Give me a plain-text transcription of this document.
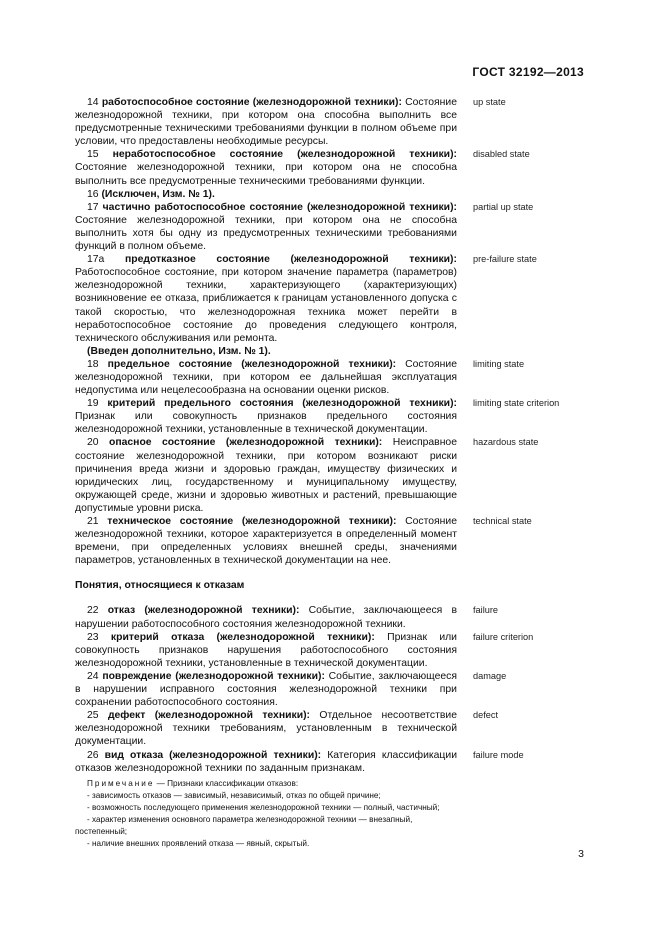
ГОСТ 32192—2013

14 работоспособное состояние (железнодорожной техники): Состояние железнодорожной техники, при котором она способна выполнить все предусмотренные техническими требованиями функции в полном объеме при условии, что предоставлены необходимые ресурсы.
up state

15 неработоспособное состояние (железнодорожной техники): Состояние железнодорожной техники, при котором она не способна выполнить все предусмотренные техническими требованиями функции.
disabled state

16 (Исключен, Изм. № 1).

17 частично работоспособное состояние (железнодорожной техники): Состояние железнодорожной техники, при котором она не способна выполнить хотя бы одну из предусмотренных техническими требованиями функций в полном объеме.
partial up state

17а предотказное состояние (железнодорожной техники): Работоспособное состояние, при котором значение параметра (параметров) железнодорожной техники, характеризующего (характеризующих) возникновение ее отказа, приближается к границам установленного допуска с такой скоростью, что железнодорожная техника может перейти в неработоспособное состояние до проведения следующего контроля, технического обслуживания или ремонта.
pre-failure state

(Введен дополнительно, Изм. № 1).

18 предельное состояние (железнодорожной техники): Состояние железнодорожной техники, при котором ее дальнейшая эксплуатация недопустима или нецелесообразна на основании оценки рисков.
limiting state

19 критерий предельного состояния (железнодорожной техники): Признак или совокупность признаков предельного состояния железнодорожной техники, установленные в технической документации.
limiting state criterion

20 опасное состояние (железнодорожной техники): Неисправное состояние железнодорожной техники, при котором возникают риски причинения вреда жизни и здоровью граждан, имуществу физических и юридических лиц, государственному и муниципальному имуществу, окружающей среде, жизни и здоровью животных и растений, превышающие допустимые уровни риска.
hazardous state

21 техническое состояние (железнодорожной техники): Состояние железнодорожной техники, которое характеризуется в определенный момент времени, при определенных условиях внешней среды, значениями параметров, установленных в технической документации на нее.
technical state

Понятия, относящиеся к отказам

22 отказ (железнодорожной техники): Событие, заключающееся в нарушении работоспособного состояния железнодорожной техники.
failure

23 критерий отказа (железнодорожной техники): Признак или совокупность признаков нарушения работоспособного состояния железнодорожной техники, установленные в технической документации.
failure criterion

24 повреждение (железнодорожной техники): Событие, заключающееся в нарушении исправного состояния железнодорожной техники при сохранении работоспособного состояния.
damage

25 дефект (железнодорожной техники): Отдельное несоответствие железнодорожной техники требованиям, установленным в технической документации.
defect

26 вид отказа (железнодорожной техники): Категория классификации отказов железнодорожной техники по заданным признакам.
failure mode

Примечание — Признаки классификации отказов:
- зависимость отказов — зависимый, независимый, отказ по общей причине;
- возможность последующего применения железнодорожной техники — полный, частичный;
- характер изменения основного параметра железнодорожной техники — внезапный, постепенный;
- наличие внешних проявлений отказа — явный, скрытый.
3
